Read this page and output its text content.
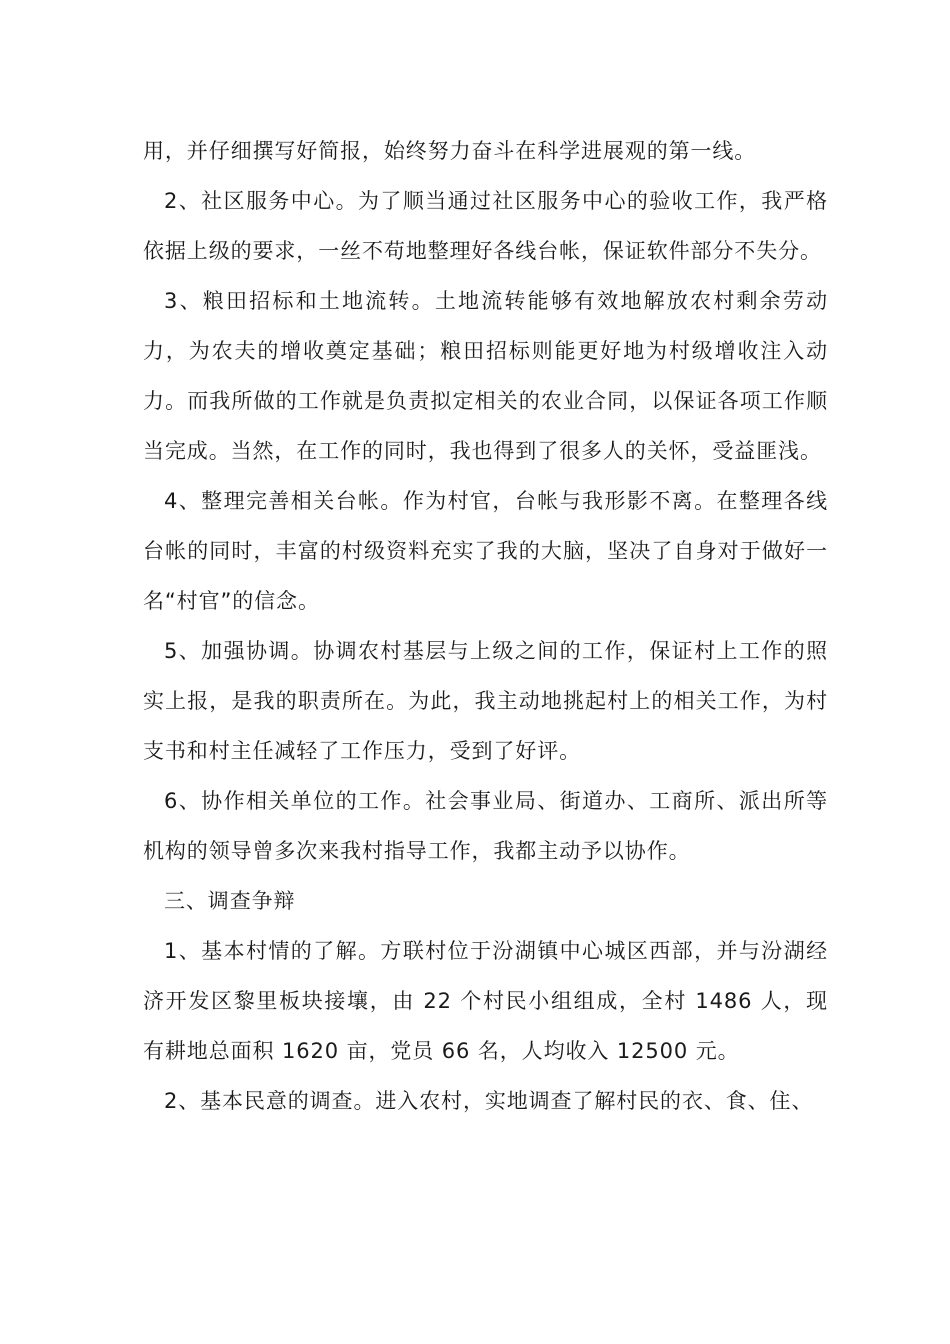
用，并仔细撰写好简报，始终努力奋斗在科学进展观的第一线。

2、社区服务中心。为了顺当通过社区服务中心的验收工作，我严格依据上级的要求，一丝不苟地整理好各线台帐，保证软件部分不失分。

3、粮田招标和土地流转。土地流转能够有效地解放农村剩余劳动力，为农夫的增收奠定基础；粮田招标则能更好地为村级增收注入动力。而我所做的工作就是负责拟定相关的农业合同，以保证各项工作顺当完成。当然，在工作的同时，我也得到了很多人的关怀，受益匪浅。

4、整理完善相关台帐。作为村官，台帐与我形影不离。在整理各线台帐的同时，丰富的村级资料充实了我的大脑，坚决了自身对于做好一名“村官”的信念。

5、加强协调。协调农村基层与上级之间的工作，保证村上工作的照实上报，是我的职责所在。为此，我主动地挑起村上的相关工作，为村支书和村主任减轻了工作压力，受到了好评。

6、协作相关单位的工作。社会事业局、街道办、工商所、派出所等机构的领导曾多次来我村指导工作，我都主动予以协作。

三、调查争辩

1、基本村情的了解。方联村位于汾湖镇中心城区西部，并与汾湖经济开发区黎里板块接壤，由 22 个村民小组组成，全村 1486 人，现有耕地总面积 1620 亩，党员 66 名，人均收入 12500 元。

2、基本民意的调查。进入农村，实地调查了解村民的衣、食、住、
